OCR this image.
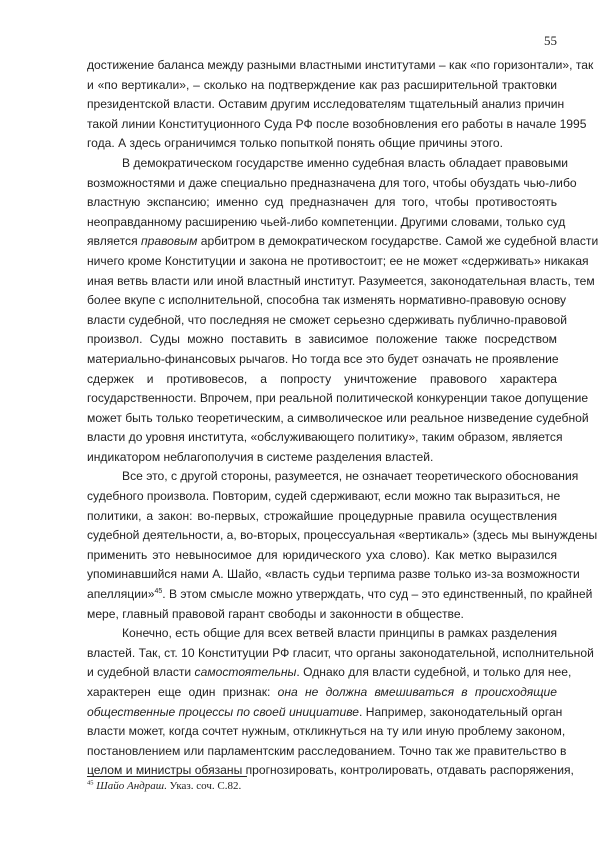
55

достижение баланса между разными властными институтами – как «по горизонтали», так
и «по вертикали», – сколько на подтверждение как раз расширительной трактовки
президентской власти. Оставим другим исследователям тщательный анализ причин
такой линии Конституционного Суда РФ после возобновления его работы в начале 1995
года. А здесь ограничимся только попыткой понять общие причины этого.

В демократическом государстве именно судебная власть обладает правовыми
возможностями и даже специально предназначена для того, чтобы обуздать чью-либо
властную экспансию; именно суд предназначен для того, чтобы противостоять
неоправданному расширению чьей-либо компетенции. Другими словами, только суд
является правовым арбитром в демократическом государстве. Самой же судебной власти
ничего кроме Конституции и закона не противостоит; ее не может «сдерживать» никакая
иная ветвь власти или иной властный институт. Разумеется, законодательная власть, тем
более вкупе с исполнительной, способна так изменять нормативно-правовую основу
власти судебной, что последняя не сможет серьезно сдерживать публично-правовой
произвол. Суды можно поставить в зависимое положение также посредством
материально-финансовых рычагов. Но тогда все это будет означать не проявление
сдержек и противовесов, а попросту уничтожение правового характера
государственности. Впрочем, при реальной политической конкуренции такое допущение
может быть только теоретическим, а символическое или реальное низведение судебной
власти до уровня института, «обслуживающего политику», таким образом, является
индикатором неблагополучия в системе разделения властей.

Все это, с другой стороны, разумеется, не означает теоретического обоснования
судебного произвола. Повторим, судей сдерживают, если можно так выразиться, не
политики, а закон: во-первых, строжайшие процедурные правила осуществления
судебной деятельности, а, во-вторых, процессуальная «вертикаль» (здесь мы вынуждены
применить это невыносимое для юридического уха слово). Как метко выразился
упоминавшийся нами А. Шайо, «власть судьи терпима разве только из-за возможности
апелляции»$^{45}$. В этом смысле можно утверждать, что суд – это единственный, по крайней
мере, главный правовой гарант свободы и законности в обществе.

Конечно, есть общие для всех ветвей власти принципы в рамках разделения
властей. Так, ст. 10 Конституции РФ гласит, что органы законодательной, исполнительной
и судебной власти самостоятельны. Однако для власти судебной, и только для нее,
характерен еще один признак: она не должна вмешиваться в происходящие
общественные процессы по своей инициативе. Например, законодательный орган
власти может, когда сочтет нужным, откликнуться на ту или иную проблему законом,
постановлением или парламентским расследованием. Точно так же правительство в
целом и министры обязаны прогнозировать, контролировать, отдавать распоряжения,

$^{45}$ Шайо Андраш. Указ. соч. С.82.
